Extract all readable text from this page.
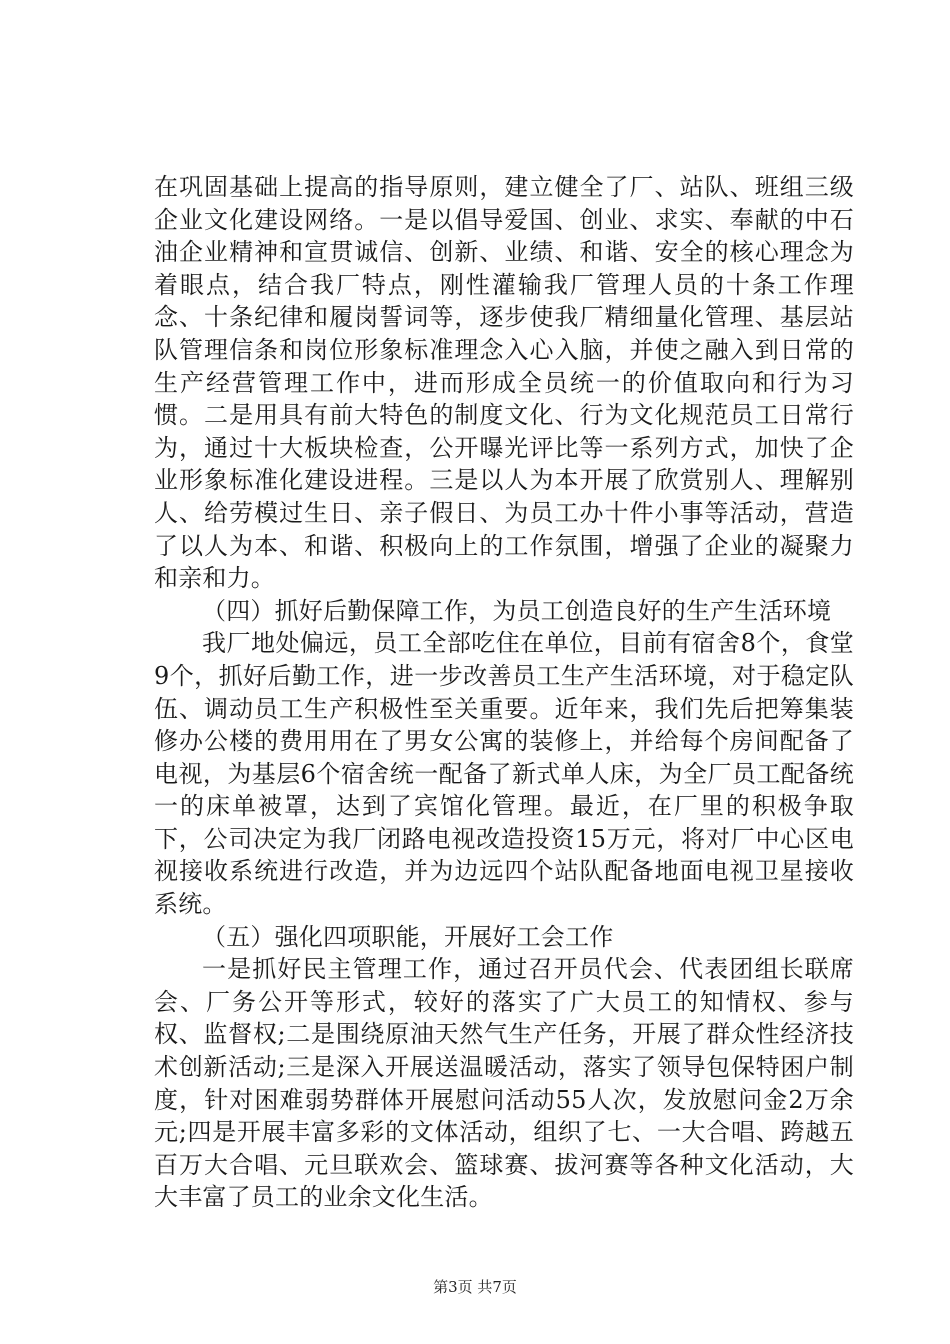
在巩固基础上提高的指导原则，建立健全了厂、站队、班组三级企业文化建设网络。一是以倡导爱国、创业、求实、奉献的中石油企业精神和宣贯诚信、创新、业绩、和谐、安全的核心理念为着眼点，结合我厂特点，刚性灌输我厂管理人员的十条工作理念、十条纪律和履岗誓词等，逐步使我厂精细量化管理、基层站队管理信条和岗位形象标准理念入心入脑，并使之融入到日常的生产经营管理工作中，进而形成全员统一的价值取向和行为习惯。二是用具有前大特色的制度文化、行为文化规范员工日常行为，通过十大板块检查，公开曝光评比等一系列方式，加快了企业形象标准化建设进程。三是以人为本开展了欣赏别人、理解别人、给劳模过生日、亲子假日、为员工办十件小事等活动，营造了以人为本、和谐、积极向上的工作氛围，增强了企业的凝聚力和亲和力。

（四）抓好后勤保障工作，为员工创造良好的生产生活环境

我厂地处偏远，员工全部吃住在单位，目前有宿舍8个，食堂9个，抓好后勤工作，进一步改善员工生产生活环境，对于稳定队伍、调动员工生产积极性至关重要。近年来，我们先后把筹集装修办公楼的费用用在了男女公寓的装修上，并给每个房间配备了电视，为基层6个宿舍统一配备了新式单人床，为全厂员工配备统一的床单被罩，达到了宾馆化管理。最近，在厂里的积极争取下，公司决定为我厂闭路电视改造投资15万元，将对厂中心区电视接收系统进行改造，并为边远四个站队配备地面电视卫星接收系统。

（五）强化四项职能，开展好工会工作

一是抓好民主管理工作，通过召开员代会、代表团组长联席会、厂务公开等形式，较好的落实了广大员工的知情权、参与权、监督权;二是围绕原油天然气生产任务，开展了群众性经济技术创新活动;三是深入开展送温暖活动，落实了领导包保特困户制度，针对困难弱势群体开展慰问活动55人次，发放慰问金2万余元;四是开展丰富多彩的文体活动，组织了七、一大合唱、跨越五百万大合唱、元旦联欢会、篮球赛、拔河赛等各种文化活动，大大丰富了员工的业余文化生活。

第3页 共7页
